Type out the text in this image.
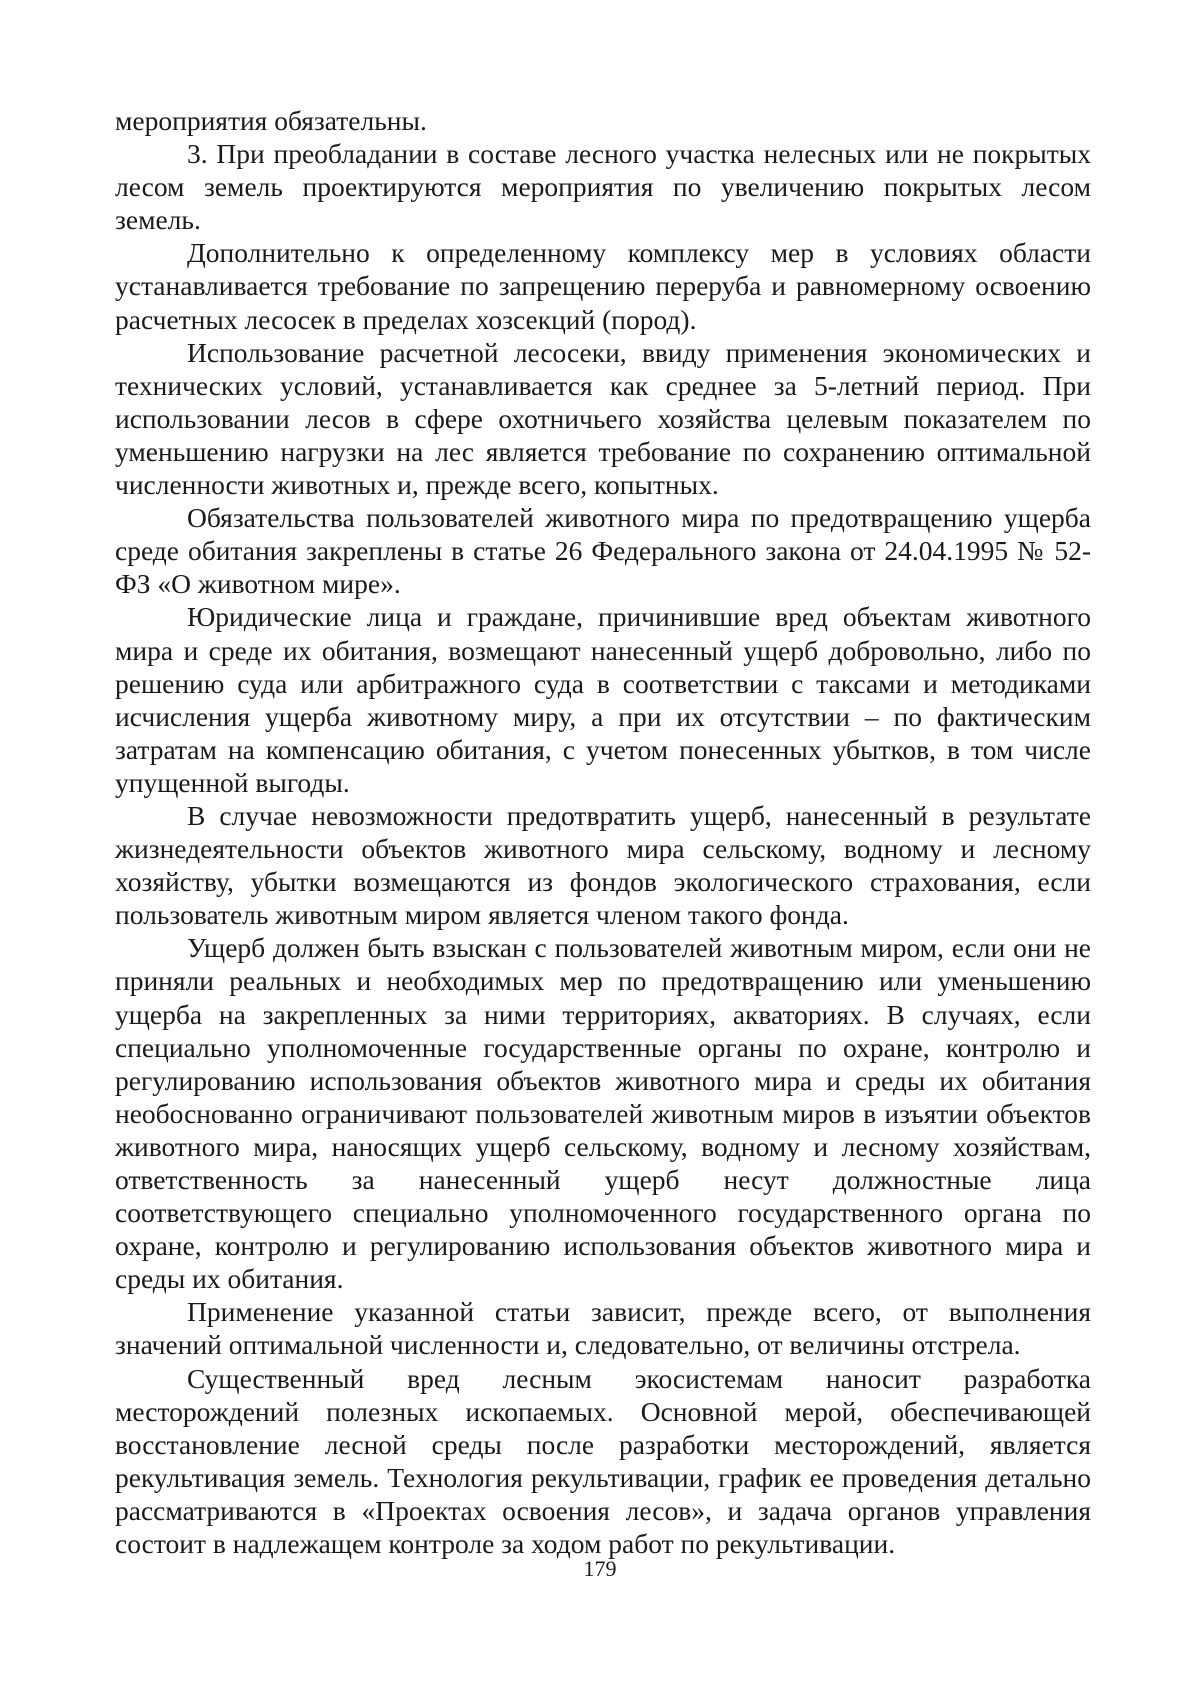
мероприятия обязательны.

3. При преобладании в составе лесного участка нелесных или не покрытых лесом земель проектируются мероприятия по увеличению покрытых лесом земель.

Дополнительно к определенному комплексу мер в условиях области устанавливается требование по запрещению переруба и равномерному освоению расчетных лесосек в пределах хозсекций (пород).

Использование расчетной лесосеки, ввиду применения экономических и технических условий, устанавливается как среднее за 5-летний период. При использовании лесов в сфере охотничьего хозяйства целевым показателем по уменьшению нагрузки на лес является требование по сохранению оптимальной численности животных и, прежде всего, копытных.

Обязательства пользователей животного мира по предотвращению ущерба среде обитания закреплены в статье 26 Федерального закона от 24.04.1995 № 52-ФЗ «О животном мире».

Юридические лица и граждане, причинившие вред объектам животного мира и среде их обитания, возмещают нанесенный ущерб добровольно, либо по решению суда или арбитражного суда в соответствии с таксами и методиками исчисления ущерба животному миру, а при их отсутствии – по фактическим затратам на компенсацию обитания, с учетом понесенных убытков, в том числе упущенной выгоды.

В случае невозможности предотвратить ущерб, нанесенный в результате жизнедеятельности объектов животного мира сельскому, водному и лесному хозяйству, убытки возмещаются из фондов экологического страхования, если пользователь животным миром является членом такого фонда.

Ущерб должен быть взыскан с пользователей животным миром, если они не приняли реальных и необходимых мер по предотвращению или уменьшению ущерба на закрепленных за ними территориях, акваториях. В случаях, если специально уполномоченные государственные органы по охране, контролю и регулированию использования объектов животного мира и среды их обитания необоснованно ограничивают пользователей животным миров в изъятии объектов животного мира, наносящих ущерб сельскому, водному и лесному хозяйствам, ответственность за нанесенный ущерб несут должностные лица соответствующего специально уполномоченного государственного органа по охране, контролю и регулированию использования объектов животного мира и среды их обитания.

Применение указанной статьи зависит, прежде всего, от выполнения значений оптимальной численности и, следовательно, от величины отстрела.

Существенный вред лесным экосистемам наносит разработка месторождений полезных ископаемых. Основной мерой, обеспечивающей восстановление лесной среды после разработки месторождений, является рекультивация земель. Технология рекультивации, график ее проведения детально рассматриваются в «Проектах освоения лесов», и задача органов управления состоит в надлежащем контроле за ходом работ по рекультивации.

179
